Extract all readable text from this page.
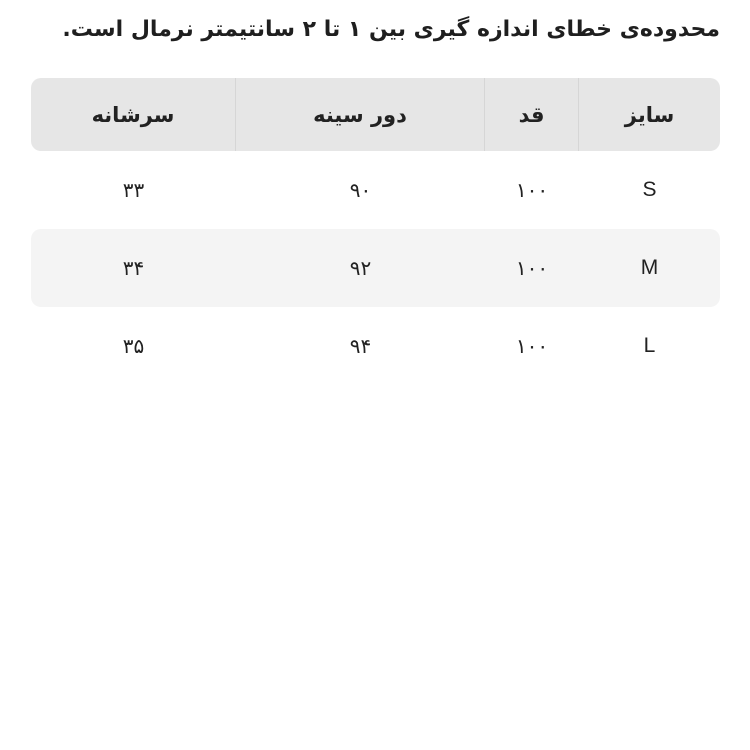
محدوده‌ی خطای اندازه گیری بین ۱ تا ۲ سانتیمتر نرمال است.
سایز
قد
دور سینه
سرشانه
S
۱۰۰
۹۰
۳۳
M
۱۰۰
۹۲
۳۴
L
۱۰۰
۹۴
۳۵
